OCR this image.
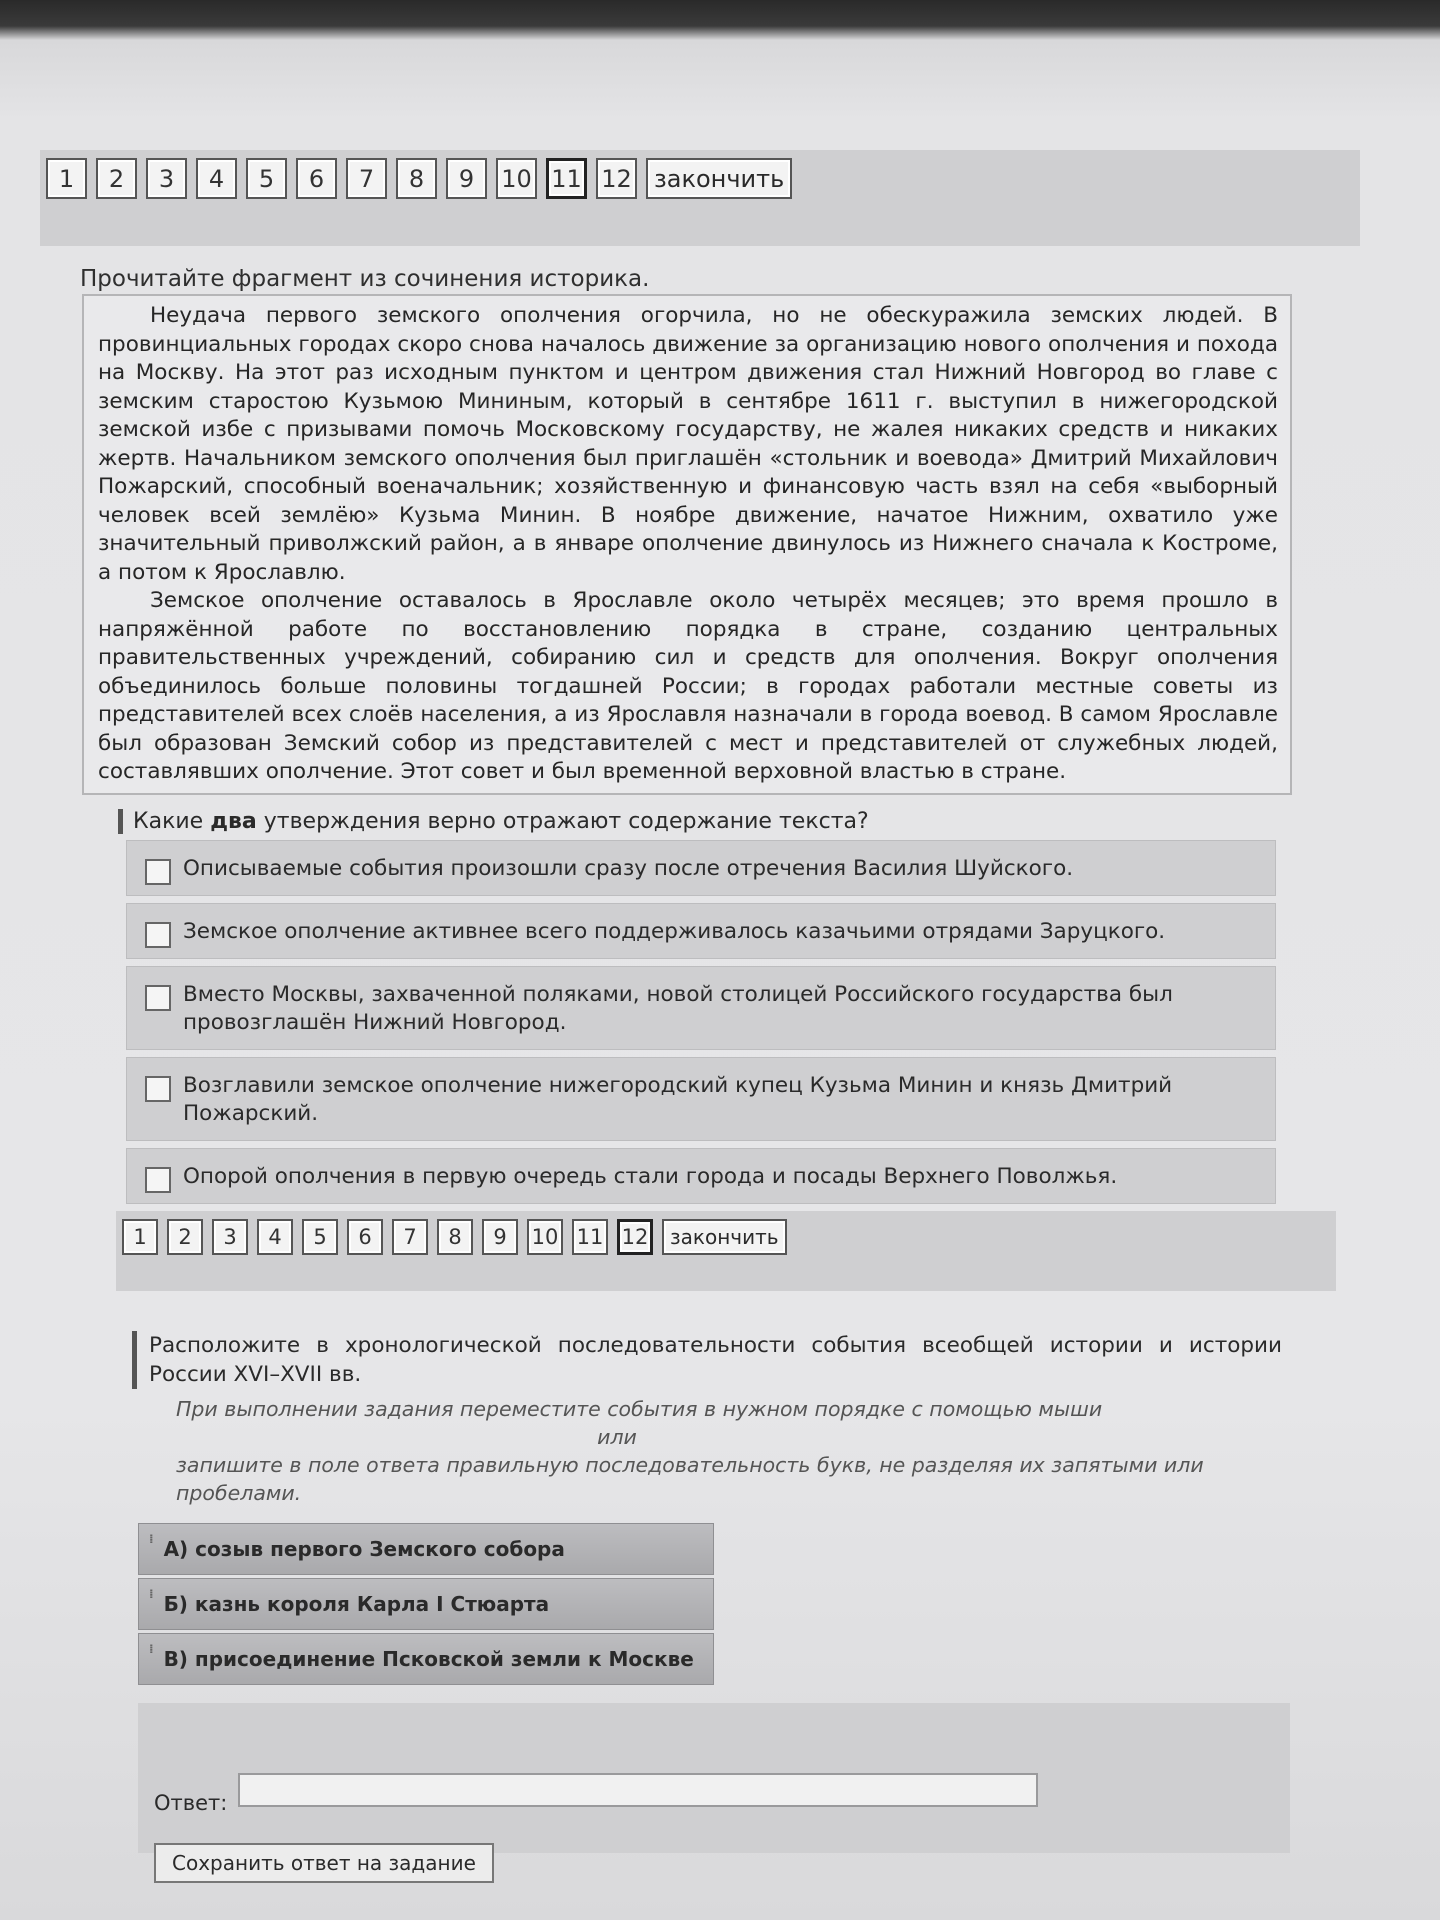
1	2	3	4	5	6	7	8	9	10 11 12 закончить
Прочитайте фрагмент из сочинения историка.

Неудача первого земского ополчения огорчила, но не обескуражила земских людей. В провинциальных городах скоро снова началось движение за организацию нового ополчения и похода на Москву. На этот раз исходным пунктом и центром движения стал Нижний Новгород во главе с земским старостою Кузьмою Мининым, который в сентябре 1611 г. выступил в нижегородской земской избе с призывами помочь Московскому государству, не жалея никаких средств и никаких жертв. Начальником земского ополчения был приглашён «стольник и воевода» Дмитрий Михайлович Пожарский, способный военачальник; хозяйственную и финансовую часть взял на себя «выборный человек всей землёю» Кузьма Минин. В ноябре движение, начатое Нижним, охватило уже значительный приволжский район, а в январе ополчение двинулось из Нижнего сначала к Костроме, а потом к Ярославлю.

Земское ополчение оставалось в Ярославле около четырёх месяцев; это время прошло в напряжённой работе по восстановлению порядка в стране, созданию центральных правительственных учреждений, собиранию сил и средств для ополчения. Вокруг ополчения объединилось больше половины тогдашней России; в городах работали местные советы из представителей всех слоёв населения, а из Ярославля назначали в города воевод. В самом Ярославле был образован Земский собор из представителей с мест и представителей от служебных людей, составлявших ополчение. Этот совет и был временной верховной властью в стране.

Какие два утверждения верно отражают содержание текста?
Описываемые события произошли сразу после отречения Василия Шуйского.
Земское ополчение активнее всего поддерживалось казачьими отрядами Заруцкого.
Вместо Москвы, захваченной поляками, новой столицей Российского государства был провозглашён Нижний Новгород.
Возглавили земское ополчение нижегородский купец Кузьма Минин и князь Дмитрий Пожарский.
Опорой ополчения в первую очередь стали города и посады Верхнего Поволжья.
1	2	3	4	5	6	7	8	9	10 11 12	закончить
Расположите в хронологической последовательности события всеобщей истории и истории России XVI–XVII вв.
При выполнении задания переместите события в нужном порядке с помощью мыши
или
запишите в поле ответа правильную последовательность букв, не разделяя их запятыми или пробелами.
⁞ А) созыв первого Земского собора
⁞ Б) казнь короля Карла I Стюарта
⁞ В) присоединение Псковской земли к Москве
Ответ:
Сохранить ответ на задание
